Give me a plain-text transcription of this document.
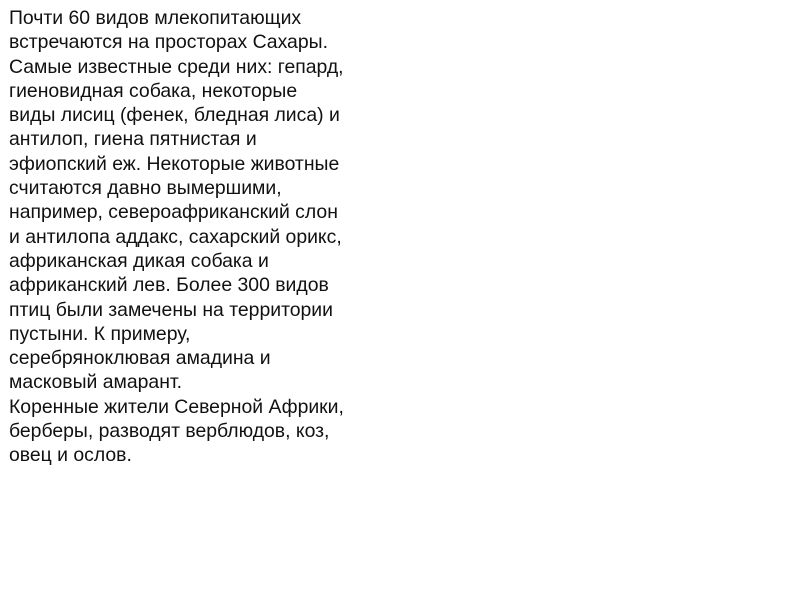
Почти 60 видов млекопитающих
встречаются на просторах Сахары.
Самые известные среди них: гепард,
гиеновидная собака, некоторые
виды лисиц (фенек, бледная лиса) и
антилоп, гиена пятнистая и
эфиопский еж. Некоторые животные
считаются давно вымершими,
например, североафриканский слон
и антилопа аддакс, сахарский орикс,
африканская дикая собака и
африканский лев. Более 300 видов
птиц были замечены на территории
пустыни. К примеру,
серебряноклювая амадина и
масковый амарант.
Коренные жители Северной Африки,
берберы, разводят верблюдов, коз,
овец и ослов.
